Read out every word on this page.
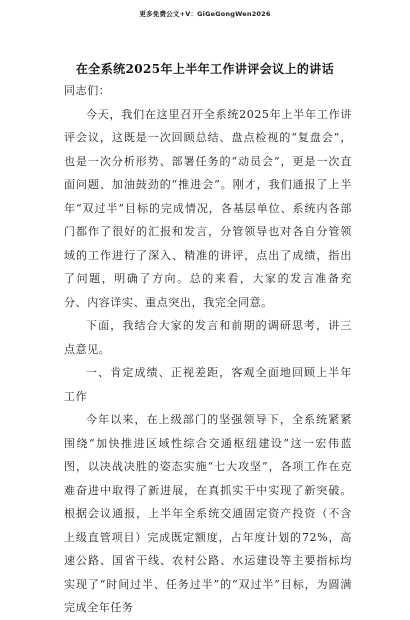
更多免费公文+V：GiGeGongWen2026
在全系统2025年上半年工作讲评会议上的讲话

同志们：

今天，我们在这里召开全系统2025年上半年工作讲评会议，这既是一次回顾总结、盘点检视的“复盘会”，也是一次分析形势、部署任务的“动员会”，更是一次直面问题、加油鼓劲的“推进会”。刚才，我们通报了上半年“双过半”目标的完成情况，各基层单位、系统内各部门都作了很好的汇报和发言，分管领导也对各自分管领域的工作进行了深入、精准的讲评，点出了成绩，指出了问题，明确了方向。总的来看，大家的发言准备充分、内容详实、重点突出，我完全同意。

下面，我结合大家的发言和前期的调研思考，讲三点意见。

一、肯定成绩、正视差距，客观全面地回顾上半年工作

今年以来，在上级部门的坚强领导下，全系统紧紧围绕“加快推进区域性综合交通枢纽建设”这一宏伟蓝图，以决战决胜的姿态实施“七大攻坚”，各项工作在克难奋进中取得了新进展，在真抓实干中实现了新突破。根据会议通报，上半年全系统交通固定资产投资（不含上级直管项目）完成既定额度，占年度计划的72%，高速公路、国省干线、农村公路、水运建设等主要指标均实现了“时间过半、任务过半”的“双过半”目标，为圆满完成全年任务
